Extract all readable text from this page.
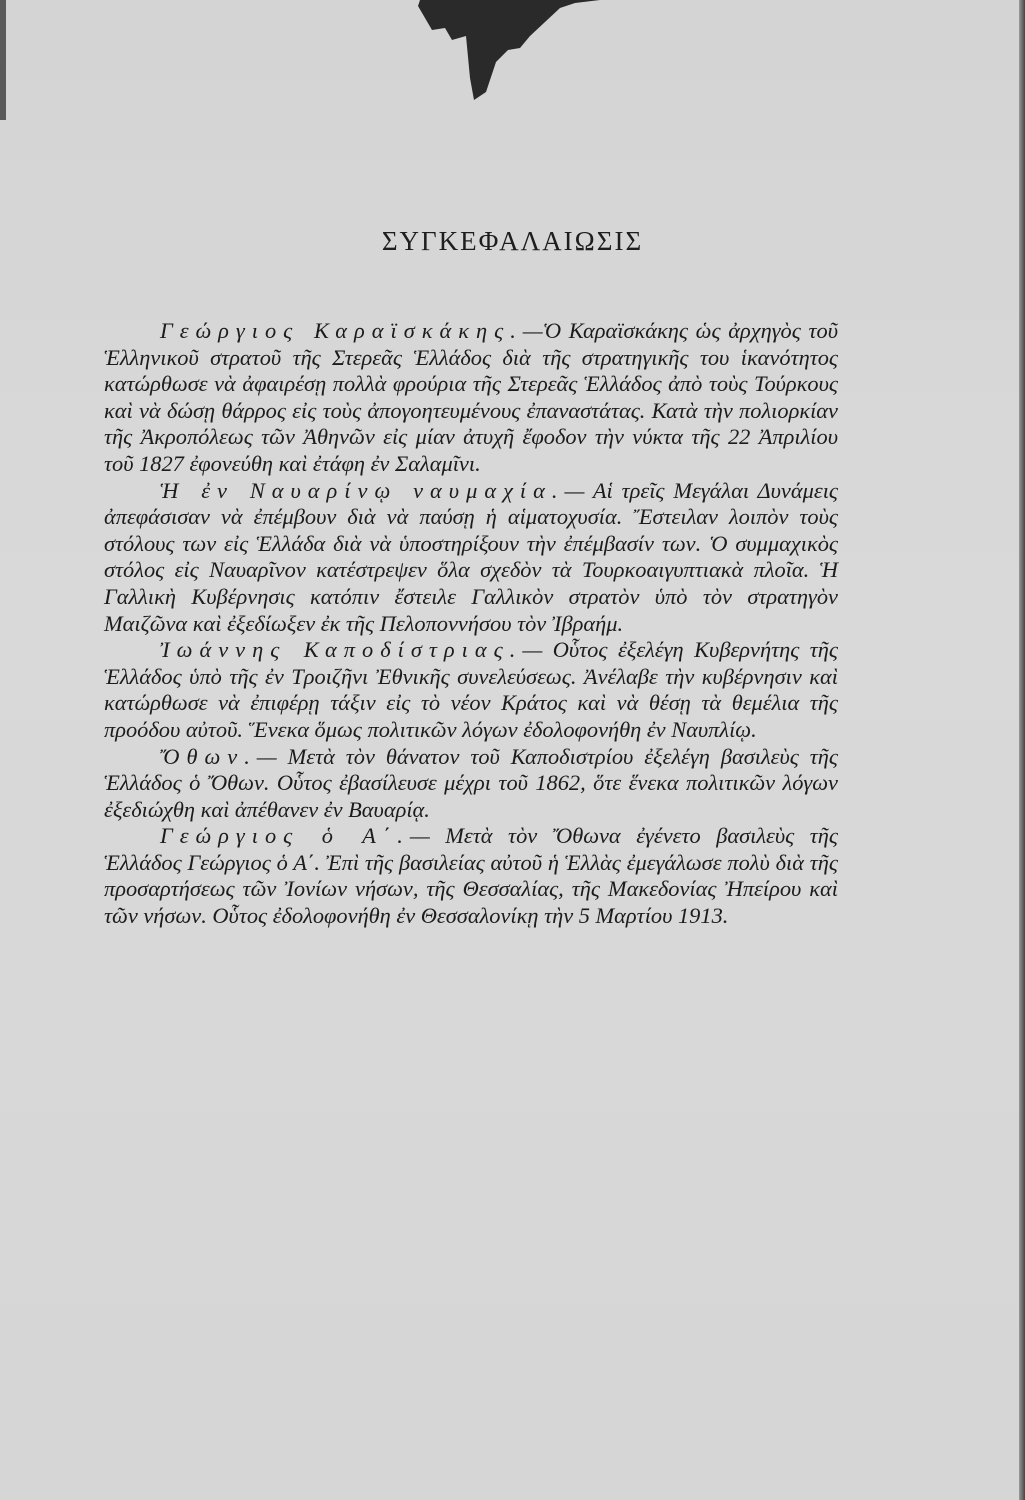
ΣΥΓΚΕΦΑΛΑΙΩΣΙΣ

Γεώργιος Καραϊσκάκης.—Ὁ Καραϊσκάκης ὡς ἀρχηγὸς τοῦ Ἑλληνικοῦ στρατοῦ τῆς Στερεᾶς Ἑλλάδος διὰ τῆς στρατηγικῆς του ἱκανότητος κατώρθωσε νὰ ἀφαιρέσῃ πολλὰ φρούρια τῆς Στερεᾶς Ἑλλάδος ἀπὸ τοὺς Τούρκους καὶ νὰ δώσῃ θάρρος εἰς τοὺς ἀπογοητευμένους ἐπαναστάτας. Κατὰ τὴν πολιορκίαν τῆς Ἀκροπόλεως τῶν Ἀθηνῶν εἰς μίαν ἀτυχῆ ἔφοδον τὴν νύκτα τῆς 22 Ἀπριλίου τοῦ 1827 ἐφονεύθη καὶ ἐτάφη ἐν Σαλαμῖνι.

Ἡ ἐν Ναυαρίνῳ ναυμαχία.— Αἱ τρεῖς Μεγάλαι Δυνάμεις ἀπεφάσισαν νὰ ἐπέμβουν διὰ νὰ παύσῃ ἡ αἱματοχυσία. Ἔστειλαν λοιπὸν τοὺς στόλους των εἰς Ἑλλάδα διὰ νὰ ὑποστηρίξουν τὴν ἐπέμβασίν των. Ὁ συμμαχικὸς στόλος εἰς Ναυαρῖνον κατέστρεψεν ὅλα σχεδὸν τὰ Τουρκοαιγυπτιακὰ πλοῖα. Ἡ Γαλλικὴ Κυβέρνησις κατόπιν ἔστειλε Γαλλικὸν στρατὸν ὑπὸ τὸν στρατηγὸν Μαιζῶνα καὶ ἐξεδίωξεν ἐκ τῆς Πελοποννήσου τὸν Ἰβραήμ.

Ἰωάννης Καποδίστριας.— Οὗτος ἐξελέγη Κυβερνήτης τῆς Ἑλλάδος ὑπὸ τῆς ἐν Τροιζῆνι Ἐθνικῆς συνελεύσεως. Ἀνέλαβε τὴν κυβέρνησιν καὶ κατώρθωσε νὰ ἐπιφέρῃ τάξιν εἰς τὸ νέον Κράτος καὶ νὰ θέσῃ τὰ θεμέλια τῆς προόδου αὐτοῦ. Ἕνεκα ὅμως πολιτικῶν λόγων ἐδολοφονήθη ἐν Ναυπλίῳ.

Ὄθων.— Μετὰ τὸν θάνατον τοῦ Καποδιστρίου ἐξελέγη βασιλεὺς τῆς Ἑλλάδος ὁ Ὄθων. Οὗτος ἐβασίλευσε μέχρι τοῦ 1862, ὅτε ἕνεκα πολιτικῶν λόγων ἐξεδιώχθη καὶ ἀπέθανεν ἐν Βαυαρίᾳ.

Γεώργιος ὁ Α΄.— Μετὰ τὸν Ὄθωνα ἐγένετο βασιλεὺς τῆς Ἑλλάδος Γεώργιος ὁ Α΄. Ἐπὶ τῆς βασιλείας αὐτοῦ ἡ Ἑλλὰς ἐμεγάλωσε πολὺ διὰ τῆς προσαρτήσεως τῶν Ἰονίων νήσων, τῆς Θεσσαλίας, τῆς Μακεδονίας Ἠπείρου καὶ τῶν νήσων. Οὗτος ἐδολοφονήθη ἐν Θεσσαλονίκῃ τὴν 5 Μαρτίου 1913.
